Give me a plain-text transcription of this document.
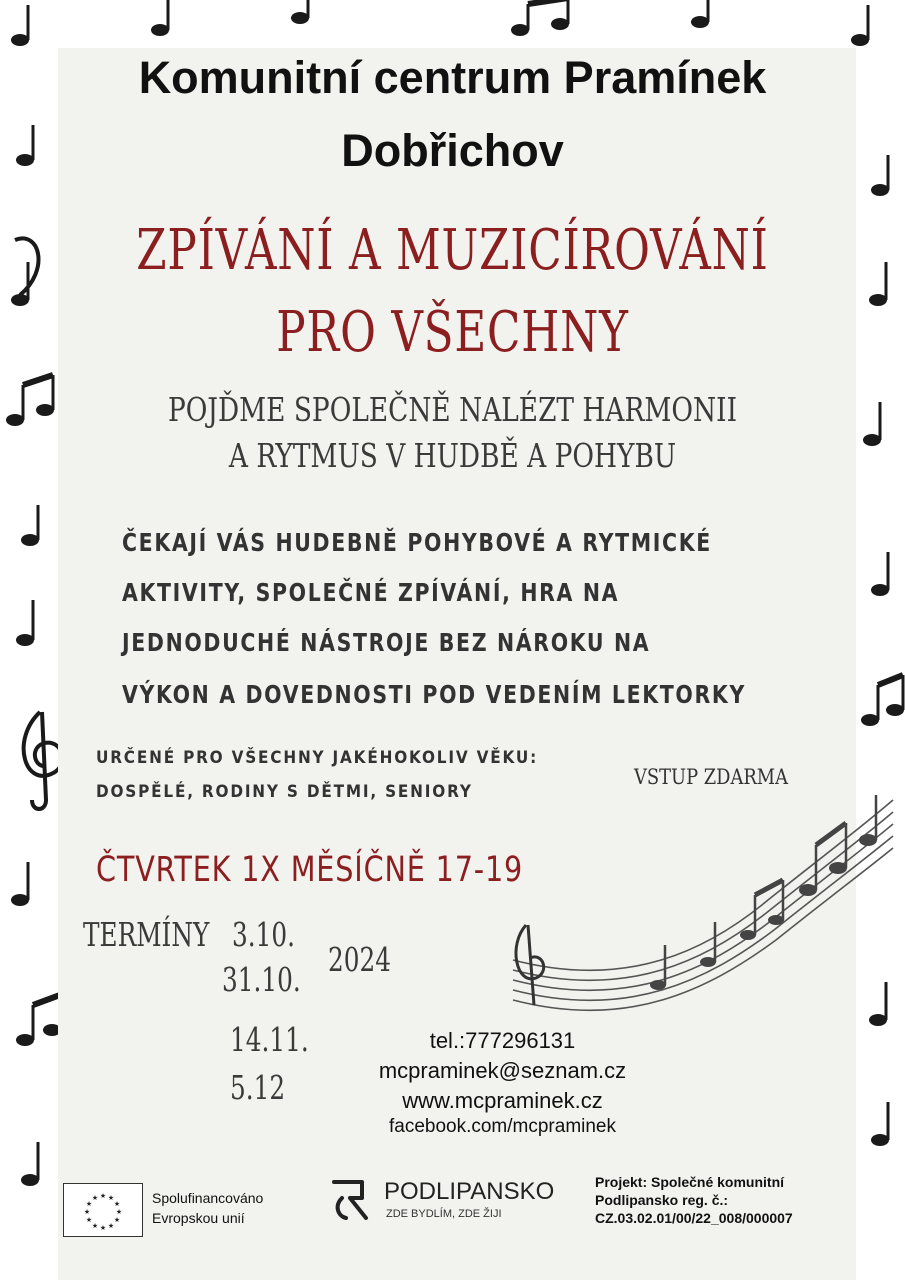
Komunitní centrum Pramínek
Dobřichov
ZPÍVÁNÍ A MUZICÍROVÁNÍ
PRO VŠECHNY
POJĎME SPOLEČNĚ NALÉZT HARMONII
A RYTMUS V HUDBĚ A POHYBU
ČEKAJÍ VÁS HUDEBNĚ POHYBOVÉ A RYTMICKÉ
AKTIVITY, SPOLEČNÉ ZPÍVÁNÍ, HRA NA
JEDNODUCHÉ NÁSTROJE BEZ NÁROKU NA
VÝKON A DOVEDNOSTI POD VEDENÍM LEKTORKY
URČENÉ PRO VŠECHNY JAKÉHOKOLIV VĚKU:
DOSPĚLÉ, RODINY S DĚTMI, SENIORY
VSTUP ZDARMA
ČTVRTEK 1X MĚSÍČNĚ 17-19
TERMÍNY 3.10.
31.10.
14.11.
5.12
2024
tel.:777296131
mcpraminek@seznam.cz
www.mcpraminek.cz
facebook.com/mcpraminek
★ ★
★
★
★
★
★
★
★
★
★
★	Spolufinancováno
Evropskou unií
PODLIPANSKO
ZDE BYDLÍM, ZDE ŽIJI
Projekt: Společné komunitní
Podlipansko reg. č.:
CZ.03.02.01/00/22_008/000007
